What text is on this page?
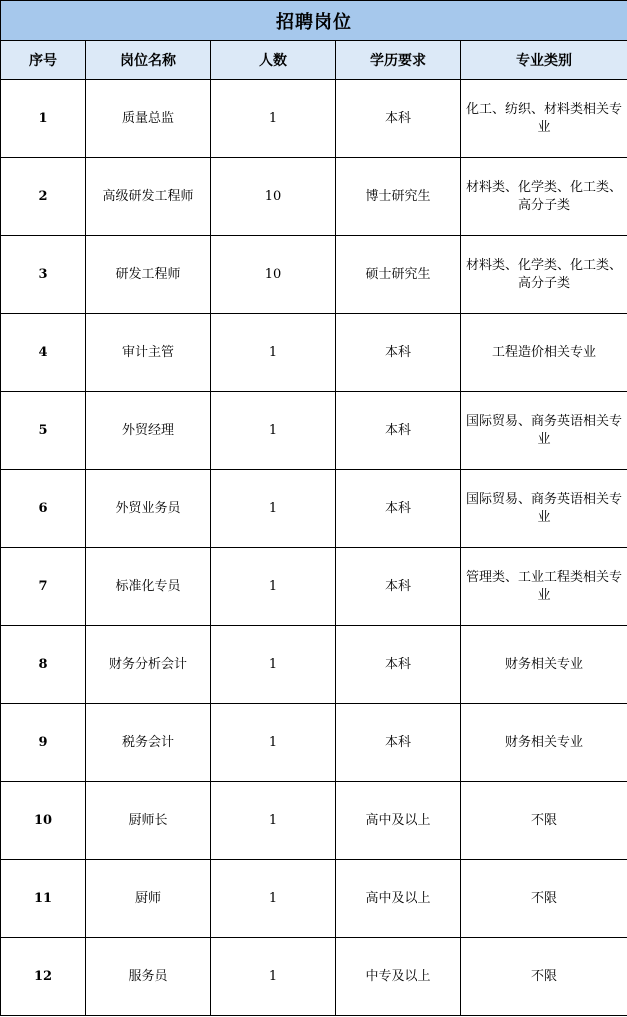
招聘岗位				
序号	岗位名称	人数	学历要求	专业类别
1	质量总监	1	本科	化工、纺织、材料类相关专业
2	高级研发工程师	10	博士研究生	材料类、化学类、化工类、高分子类
3	研发工程师	10	硕士研究生	材料类、化学类、化工类、高分子类
4	审计主管	1	本科	工程造价相关专业
5	外贸经理	1	本科	国际贸易、商务英语相关专业
6	外贸业务员	1	本科	国际贸易、商务英语相关专业
7	标准化专员	1	本科	管理类、工业工程类相关专业
8	财务分析会计	1	本科	财务相关专业
9	税务会计	1	本科	财务相关专业
10	厨师长	1	高中及以上	不限
11	厨师	1	高中及以上	不限
12	服务员	1	中专及以上	不限
